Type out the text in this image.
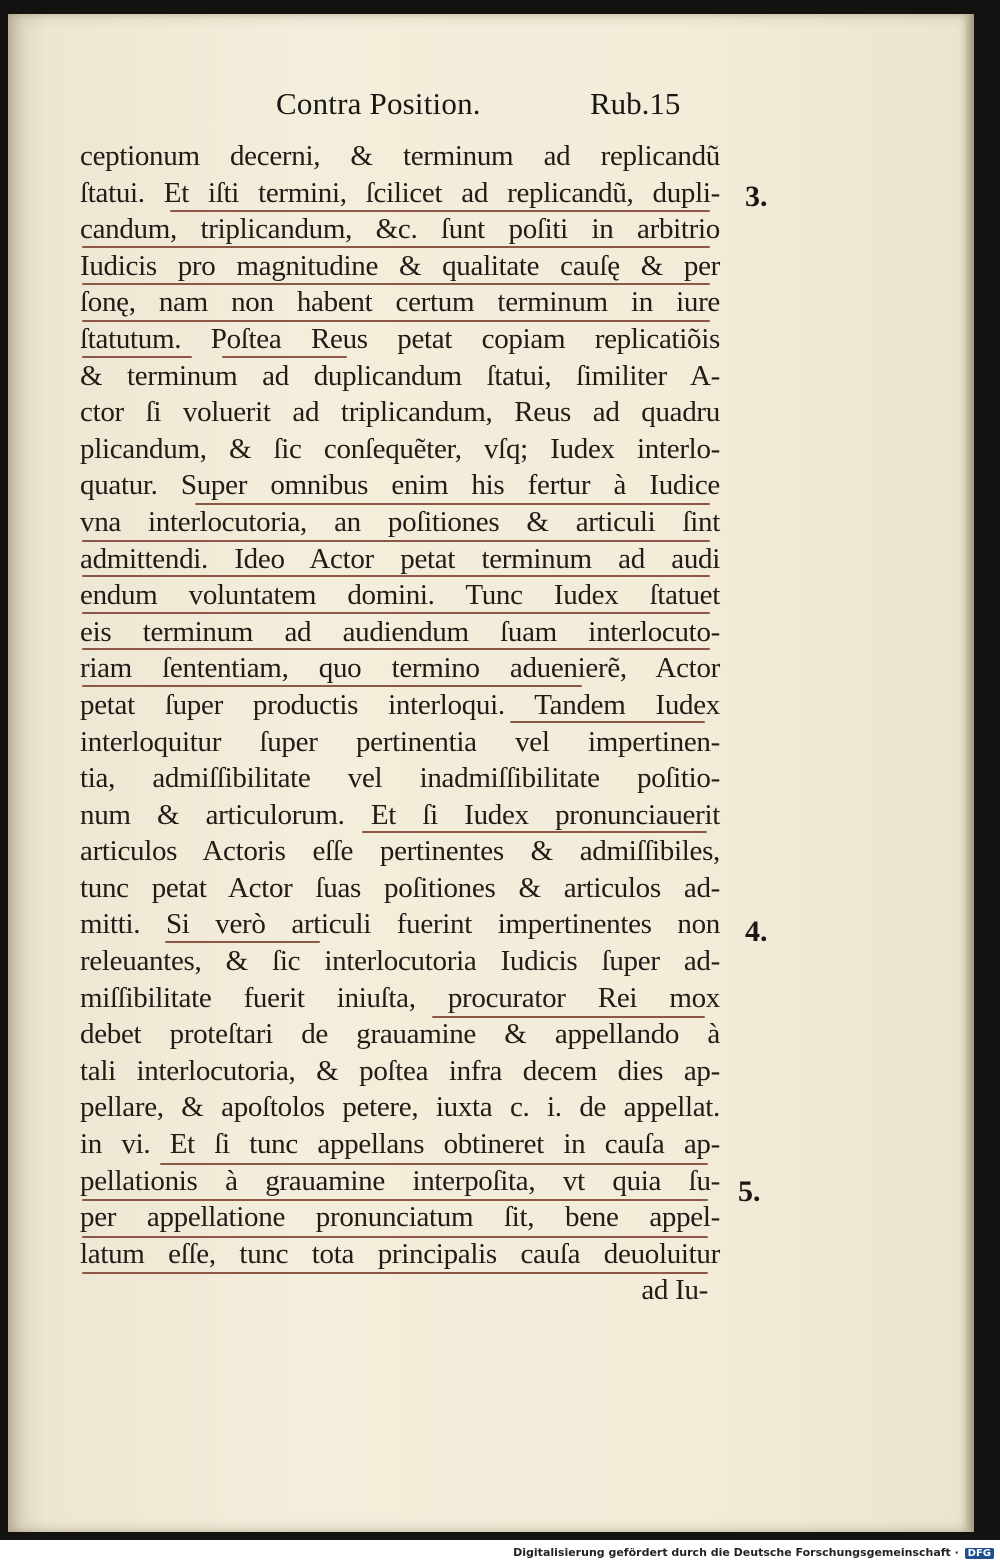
Contra Position.	Rub.15
ceptionum decerni, & terminum ad replicandũ
ſtatui. Et iſti termini, ſcilicet ad replicandũ, dupli-
candum, triplicandum, &c. ſunt poſiti in arbitrio
Iudicis pro magnitudine & qualitate cauſę & per
ſonę, nam non habent certum terminum in iure
ſtatutum. Poſtea Reus petat copiam replicatiõis
& terminum ad duplicandum ſtatui, ſimiliter A-
ctor ſi voluerit ad triplicandum, Reus ad quadru
plicandum, & ſic conſequẽter, vſq; Iudex interlo-
quatur. Super omnibus enim his fertur à Iudice
vna interlocutoria, an poſitiones & articuli ſint
admittendi. Ideo Actor petat terminum ad audi
endum voluntatem domini. Tunc Iudex ſtatuet
eis terminum ad audiendum ſuam interlocuto-
riam ſententiam, quo termino aduenierẽ, Actor
petat ſuper productis interloqui. Tandem Iudex
interloquitur ſuper pertinentia vel impertinen-
tia, admiſſibilitate vel inadmiſſibilitate poſitio-
num & articulorum. Et ſi Iudex pronunciauerit
articulos Actoris eſſe pertinentes & admiſſibiles,
tunc petat Actor ſuas poſitiones & articulos ad-
mitti. Si verò articuli fuerint impertinentes non
releuantes, & ſic interlocutoria Iudicis ſuper ad-
miſſibilitate fuerit iniuſta, procurator Rei mox
debet proteſtari de grauamine & appellando à
tali interlocutoria, & poſtea infra decem dies ap-
pellare, & apoſtolos petere, iuxta c. i. de appellat.
in vi. Et ſi tunc appellans obtineret in cauſa ap-
pellationis à grauamine interpoſita, vt quia ſu-
per appellatione pronunciatum ſit, bene appel-
latum eſſe, tunc tota principalis cauſa deuoluitur
ad Iu-
3.
4.
5.
Digitalisierung gefördert durch die Deutsche Forschungsgemeinschaft · DFG
